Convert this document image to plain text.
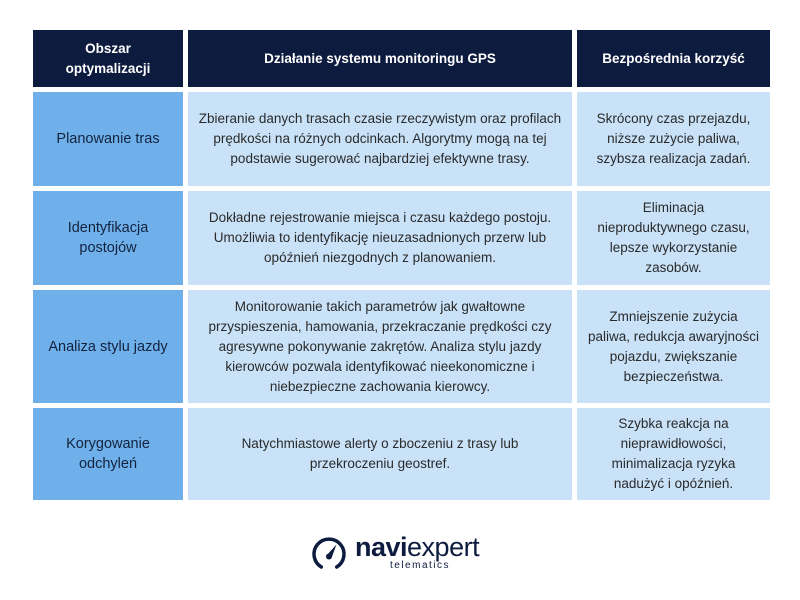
Obszar optymalizacji
Działanie systemu monitoringu GPS	Bezpośrednia korzyść
Planowanie tras
Zbieranie danych trasach czasie rzeczywistym oraz profilach prędkości na różnych odcinkach. Algorytmy mogą na tej podstawie sugerować najbardziej efektywne trasy.
Skrócony czas przejazdu, niższe zużycie paliwa, szybsza realizacja zadań.
Identyfikacja postojów
Dokładne rejestrowanie miejsca i czasu każdego postoju. Umożliwia to identyfikację nieuzasadnionych przerw lub opóźnień niezgodnych z planowaniem.
Eliminacja nieproduktywnego czasu, lepsze wykorzystanie zasobów.
Analiza stylu jazdy
Monitorowanie takich parametrów jak gwałtowne przyspieszenia, hamowania, przekraczanie prędkości czy agresywne pokonywanie zakrętów. Analiza stylu jazdy kierowców pozwala identyfikować nieekonomiczne i niebezpieczne zachowania kierowcy.
Zmniejszenie zużycia paliwa, redukcja awaryjności pojazdu, zwiększanie bezpieczeństwa.
Korygowanie odchyleń
Natychmiastowe alerty o zboczeniu z trasy lub przekroczeniu geostref.
Szybka reakcja na nieprawidłowości, minimalizacja ryzyka nadużyć i opóźnień.
naviexpert
telematics
